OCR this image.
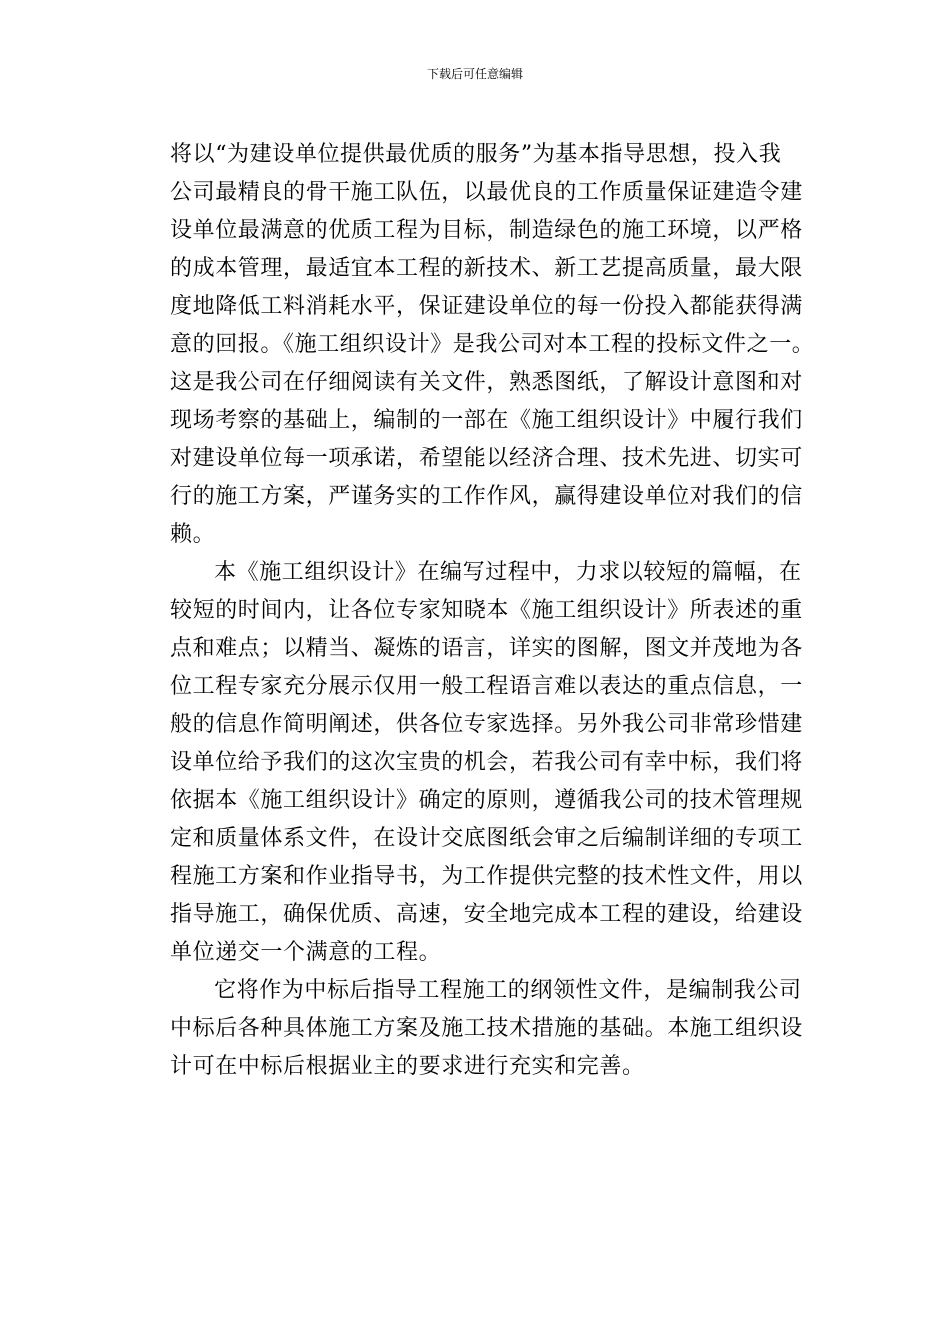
下载后可任意编辑
将以“为建设单位提供最优质的服务”为基本指导思想，投入我
公司最精良的骨干施工队伍，以最优良的工作质量保证建造令建
设单位最满意的优质工程为目标，制造绿色的施工环境，以严格
的成本管理，最适宜本工程的新技术、新工艺提高质量，最大限
度地降低工料消耗水平，保证建设单位的每一份投入都能获得满
意的回报。《施工组织设计》是我公司对本工程的投标文件之一。
这是我公司在仔细阅读有关文件，熟悉图纸，了解设计意图和对
现场考察的基础上，编制的一部在《施工组织设计》中履行我们
对建设单位每一项承诺，希望能以经济合理、技术先进、切实可
行的施工方案，严谨务实的工作作风，赢得建设单位对我们的信
赖。
本《施工组织设计》在编写过程中，力求以较短的篇幅，在
较短的时间内，让各位专家知晓本《施工组织设计》所表述的重
点和难点；以精当、凝炼的语言，详实的图解，图文并茂地为各
位工程专家充分展示仅用一般工程语言难以表达的重点信息，一
般的信息作简明阐述，供各位专家选择。另外我公司非常珍惜建
设单位给予我们的这次宝贵的机会，若我公司有幸中标，我们将
依据本《施工组织设计》确定的原则，遵循我公司的技术管理规
定和质量体系文件，在设计交底图纸会审之后编制详细的专项工
程施工方案和作业指导书，为工作提供完整的技术性文件，用以
指导施工，确保优质、高速，安全地完成本工程的建设，给建设
单位递交一个满意的工程。
它将作为中标后指导工程施工的纲领性文件，是编制我公司
中标后各种具体施工方案及施工技术措施的基础。本施工组织设
计可在中标后根据业主的要求进行充实和完善。
